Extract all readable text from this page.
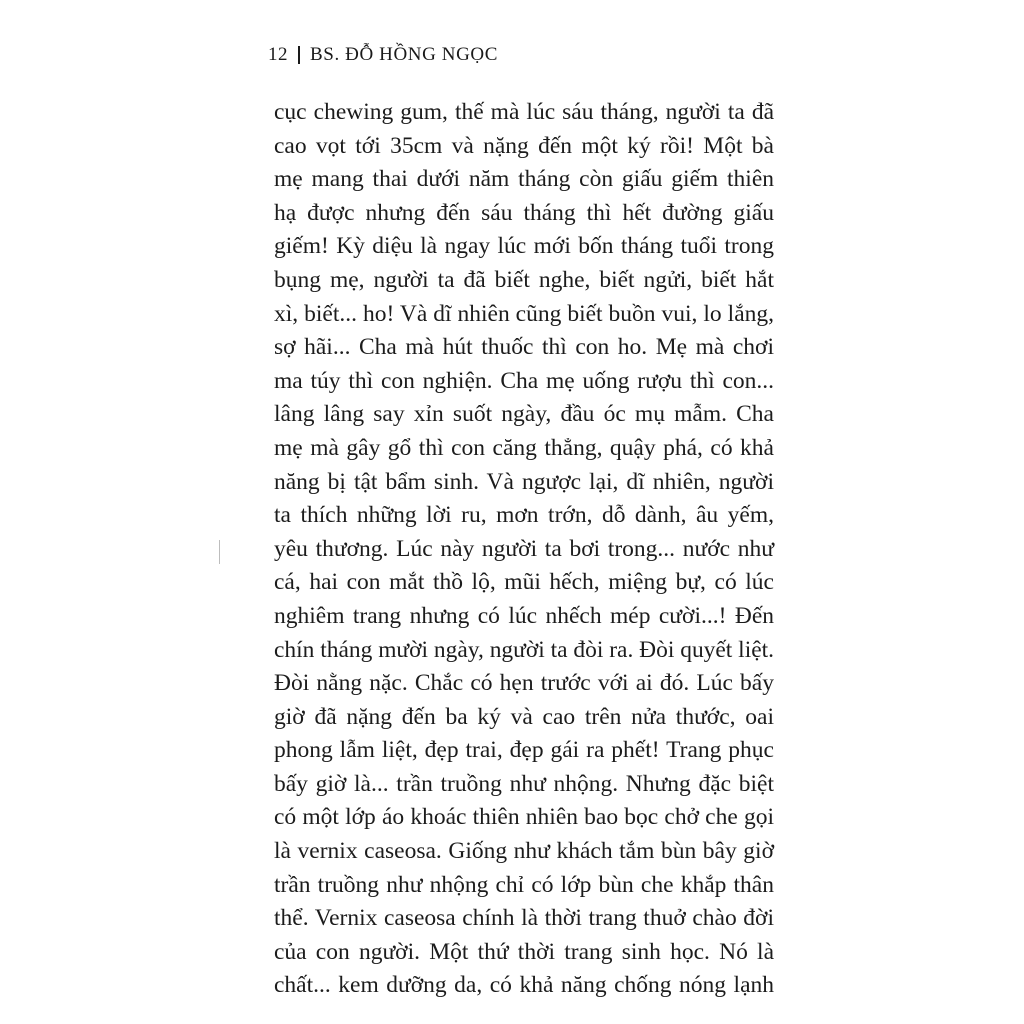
12 BS. ĐỖ HỒNG NGỌC
cục chewing gum, thế mà lúc sáu tháng, người ta đã
cao vọt tới 35cm và nặng đến một ký rồi! Một bà
mẹ mang thai dưới năm tháng còn giấu giếm thiên
hạ được nhưng đến sáu tháng thì hết đường giấu
giếm! Kỳ diệu là ngay lúc mới bốn tháng tuổi trong
bụng mẹ, người ta đã biết nghe, biết ngửi, biết hắt
xì, biết... ho! Và dĩ nhiên cũng biết buồn vui, lo lắng,
sợ hãi... Cha mà hút thuốc thì con ho. Mẹ mà chơi
ma túy thì con nghiện. Cha mẹ uống rượu thì con...
lâng lâng say xỉn suốt ngày, đầu óc mụ mẫm. Cha
mẹ mà gây gổ thì con căng thẳng, quậy phá, có khả
năng bị tật bẩm sinh. Và ngược lại, dĩ nhiên, người
ta thích những lời ru, mơn trớn, dỗ dành, âu yếm,
yêu thương. Lúc này người ta bơi trong... nước như
cá, hai con mắt thồ lộ, mũi hếch, miệng bự, có lúc
nghiêm trang nhưng có lúc nhếch mép cười...! Đến
chín tháng mười ngày, người ta đòi ra. Đòi quyết liệt.
Đòi nằng nặc. Chắc có hẹn trước với ai đó. Lúc bấy
giờ đã nặng đến ba ký và cao trên nửa thước, oai
phong lẫm liệt, đẹp trai, đẹp gái ra phết! Trang phục
bấy giờ là... trần truồng như nhộng. Nhưng đặc biệt
có một lớp áo khoác thiên nhiên bao bọc chở che gọi
là vernix caseosa. Giống như khách tắm bùn bây giờ
trần truồng như nhộng chỉ có lớp bùn che khắp thân
thể. Vernix caseosa chính là thời trang thuở chào đời
của con người. Một thứ thời trang sinh học. Nó là
chất... kem dưỡng da, có khả năng chống nóng lạnh
